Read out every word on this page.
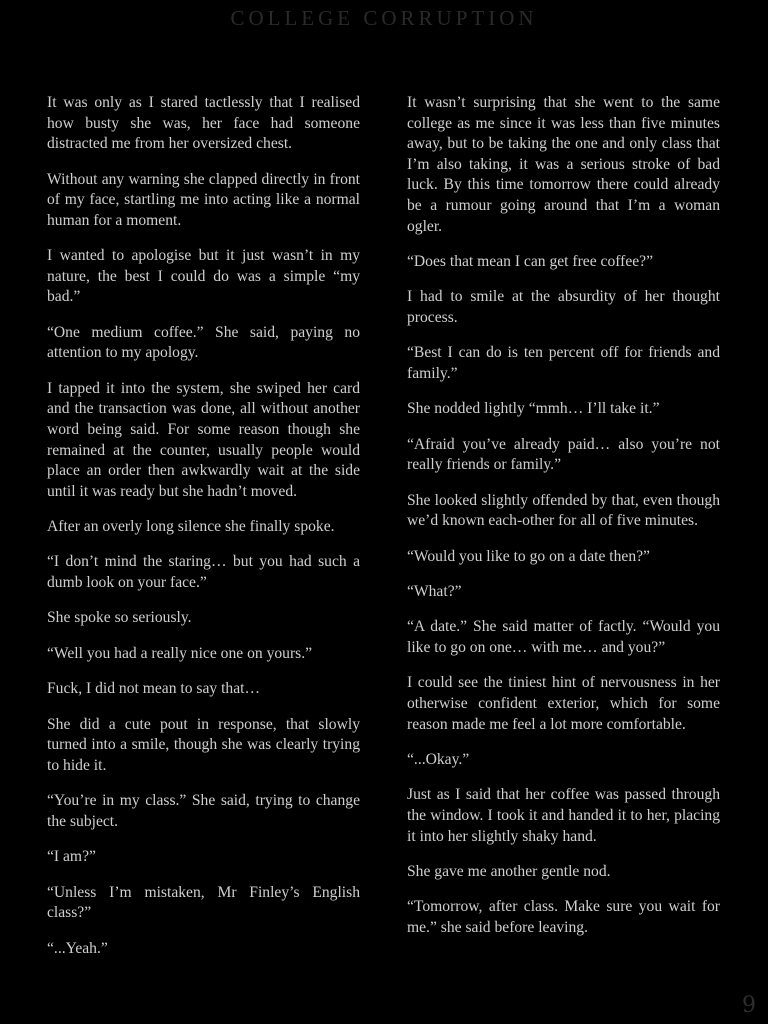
COLLEGE CORRUPTION

It was only as I stared tactlessly that I realised how busty she was, her face had someone distracted me from her oversized chest.

Without any warning she clapped directly in front of my face, startling me into acting like a normal human for a moment.

I wanted to apologise but it just wasn’t in my nature, the best I could do was a simple “my bad.”

“One medium coffee.” She said, paying no attention to my apology.

I tapped it into the system, she swiped her card and the transaction was done, all without another word being said. For some reason though she remained at the counter, usually people would place an order then awkwardly wait at the side until it was ready but she hadn’t moved.

After an overly long silence she finally spoke.

“I don’t mind the staring… but you had such a dumb look on your face.”

She spoke so seriously.

“Well you had a really nice one on yours.”

Fuck, I did not mean to say that…

She did a cute pout in response, that slowly turned into a smile, though she was clearly trying to hide it.

“You’re in my class.” She said, trying to change the subject.

“I am?”

“Unless I’m mistaken, Mr Finley’s English class?”

“...Yeah.”

It wasn’t surprising that she went to the same college as me since it was less than five minutes away, but to be taking the one and only class that I’m also taking, it was a serious stroke of bad luck. By this time tomorrow there could already be a rumour going around that I’m a woman ogler.

“Does that mean I can get free coffee?”

I had to smile at the absurdity of her thought process.

“Best I can do is ten percent off for friends and family.”

She nodded lightly “mmh… I’ll take it.”

“Afraid you’ve already paid… also you’re not really friends or family.”

She looked slightly offended by that, even though we’d known each-other for all of five minutes.

“Would you like to go on a date then?”

“What?”

“A date.” She said matter of factly. “Would you like to go on one… with me… and you?”

I could see the tiniest hint of nervousness in her otherwise confident exterior, which for some reason made me feel a lot more comfortable.

“...Okay.”

Just as I said that her coffee was passed through the window. I took it and handed it to her, placing it into her slightly shaky hand.

She gave me another gentle nod.

“Tomorrow, after class. Make sure you wait for me.” she said before leaving.

9
